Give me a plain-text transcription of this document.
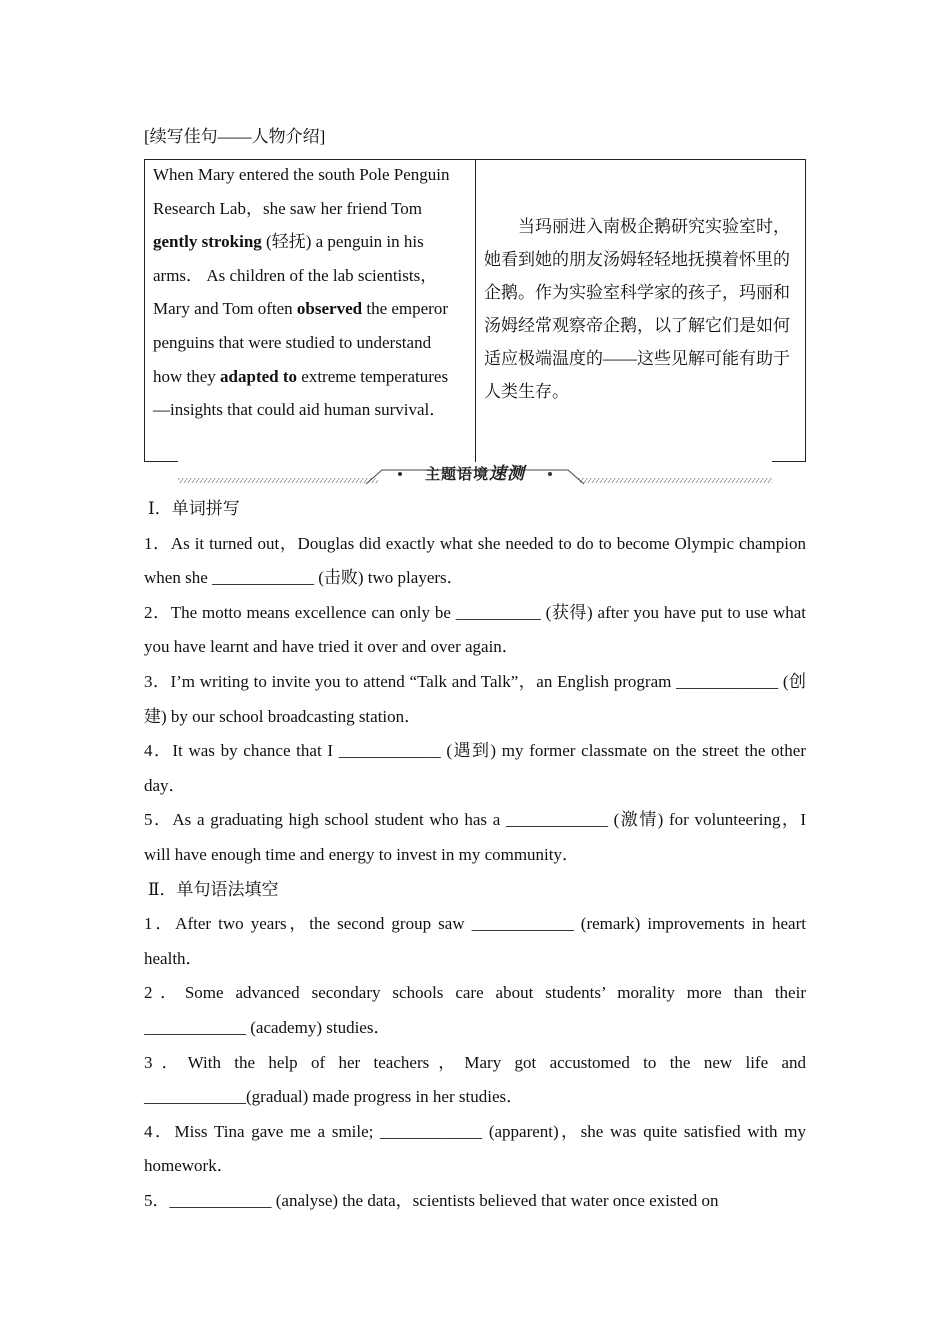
[续写佳句——人物介绍]
When Mary entered the south Pole Penguin Research Lab，she saw her friend Tom gently stroking (轻抚) a penguin in his arms． As children of the lab scientists，Mary and Tom often observed the emperor penguins that were studied to understand how they adapted to extreme temperatures—insights that could aid human survival．
当玛丽进入南极企鹅研究实验室时，她看到她的朋友汤姆轻轻地抚摸着怀里的企鹅。作为实验室科学家的孩子，玛丽和汤姆经常观察帝企鹅，以了解它们是如何适应极端温度的——这些见解可能有助于人类生存。
主题语境速测
Ⅰ．单词拼写
1．As it turned out，Douglas did exactly what she needed to do to become Olympic champion when she ____________ (击败) two players．
2．The motto means excellence can only be __________ (获得) after you have put to use what you have learnt and have tried it over and over again．
3．I’m writing to invite you to attend “Talk and Talk”，an English program ____________ (创建) by our school broadcasting station．
4．It was by chance that I ____________ (遇到) my former classmate on the street the other day．
5．As a graduating high school student who has a ____________ (激情) for volunteering，I will have enough time and energy to invest in my community．
Ⅱ．单句语法填空
1．After two years，the second group saw ____________ (remark) improvements in heart health．
2．Some advanced secondary schools care about students’ morality more than their ____________ (academy) studies．
3．With the help of her teachers，Mary got accustomed to the new life and ____________(gradual) made progress in her studies．
4．Miss Tina gave me a smile; ____________ (apparent)，she was quite satisfied with my homework．
5．____________ (analyse) the data，scientists believed that water once existed on
